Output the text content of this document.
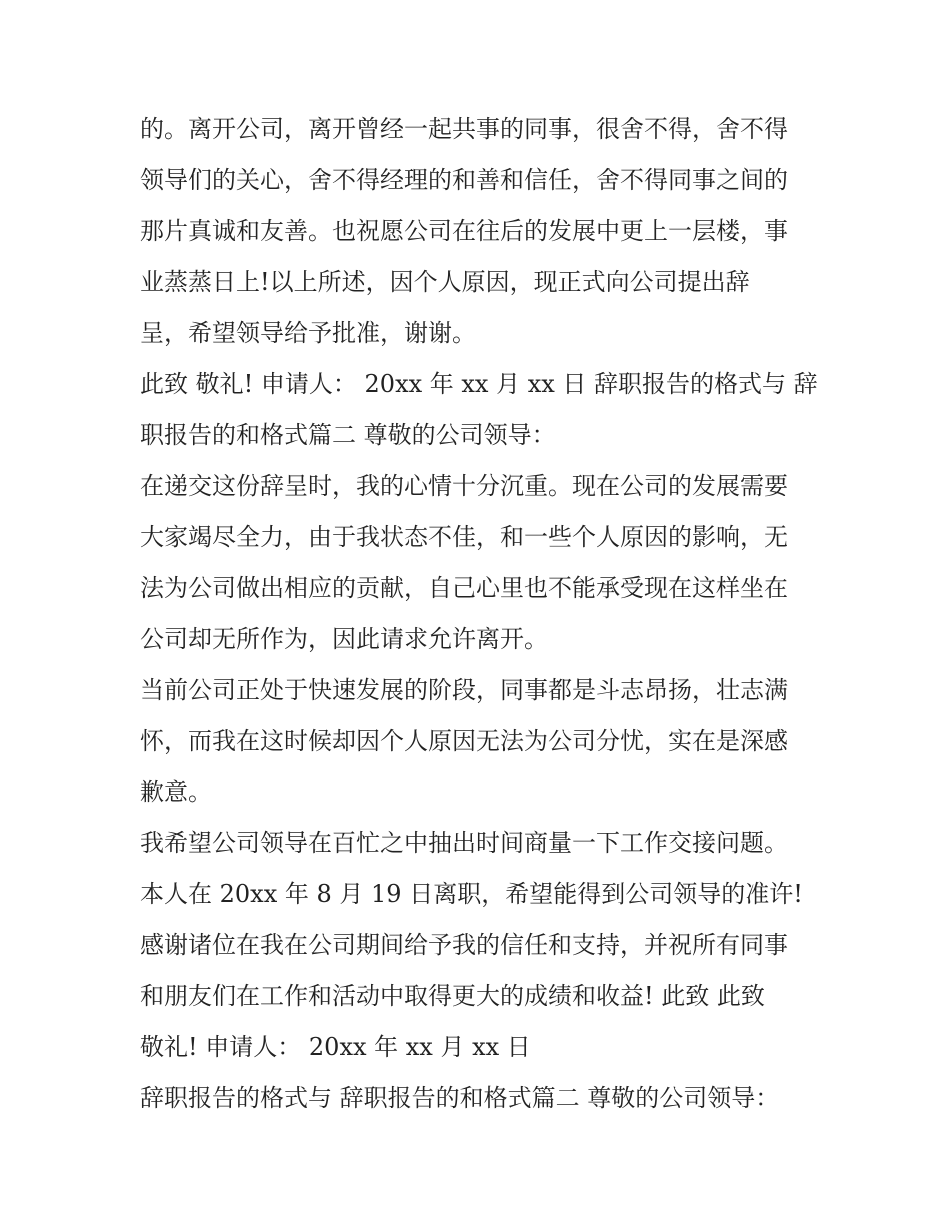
的。离开公司，离开曾经一起共事的同事，很舍不得，舍不得
领导们的关心，舍不得经理的和善和信任，舍不得同事之间的
那片真诚和友善。也祝愿公司在往后的发展中更上一层楼，事
业蒸蒸日上!以上所述，因个人原因，现正式向公司提出辞
呈，希望领导给予批准，谢谢。
此致 敬礼! 申请人： 20xx 年 xx 月 xx 日 辞职报告的格式与 辞
职报告的和格式篇二 尊敬的公司领导：
在递交这份辞呈时，我的心情十分沉重。现在公司的发展需要
大家竭尽全力，由于我状态不佳，和一些个人原因的影响，无
法为公司做出相应的贡献，自己心里也不能承受现在这样坐在
公司却无所作为，因此请求允许离开。
当前公司正处于快速发展的阶段，同事都是斗志昂扬，壮志满
怀，而我在这时候却因个人原因无法为公司分忧，实在是深感
歉意。
我希望公司领导在百忙之中抽出时间商量一下工作交接问题。
本人在 20xx 年 8 月 19 日离职，希望能得到公司领导的准许!
感谢诸位在我在公司期间给予我的信任和支持，并祝所有同事
和朋友们在工作和活动中取得更大的成绩和收益! 此致 此致
敬礼! 申请人： 20xx 年 xx 月 xx 日
辞职报告的格式与 辞职报告的和格式篇二 尊敬的公司领导：
